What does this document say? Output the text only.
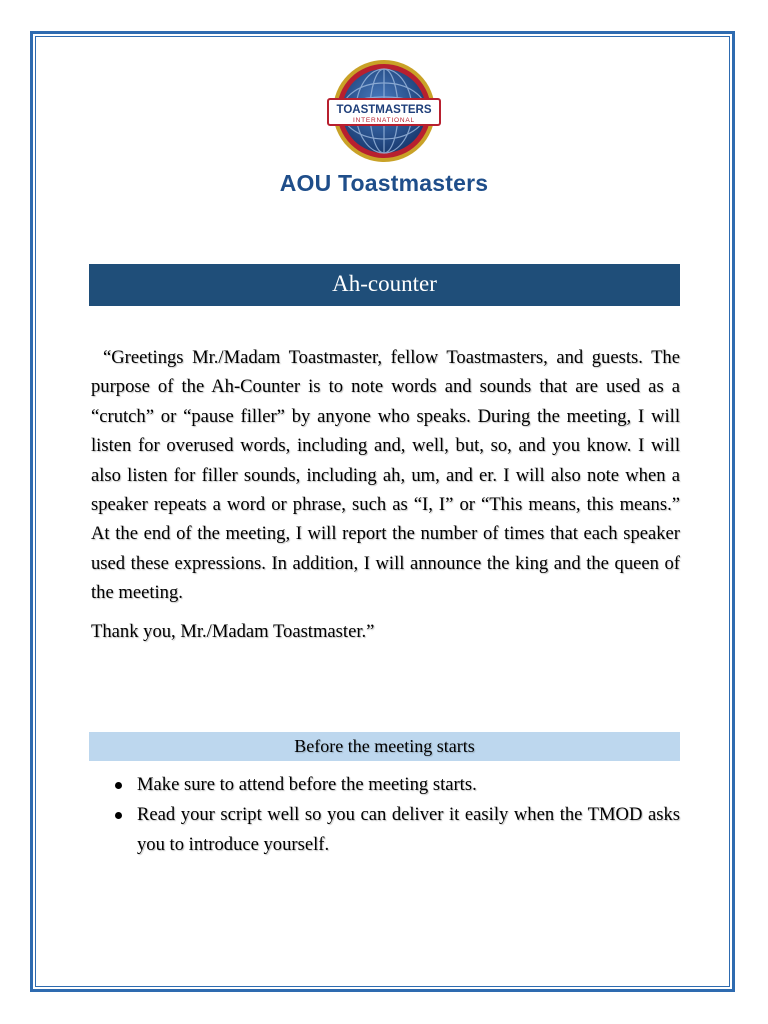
TOASTMASTERS
INTERNATIONAL
AOU Toastmasters
Ah-counter

“Greetings Mr./Madam Toastmaster, fellow Toastmasters, and guests. The purpose of the Ah-Counter is to note words and sounds that are used as a “crutch” or “pause filler” by anyone who speaks. During the meeting, I will listen for overused words, including and, well, but, so, and you know. I will also listen for filler sounds, including ah, um, and er. I will also note when a speaker repeats a word or phrase, such as “I, I” or “This means, this means.” At the end of the meeting, I will report the number of times that each speaker used these expressions. In addition, I will announce the king and the queen of the meeting.

Thank you, Mr./Madam Toastmaster.”

Before the meeting starts
Make sure to attend before the meeting starts.
Read your script well so you can deliver it easily when the TMOD asks you to introduce yourself.
